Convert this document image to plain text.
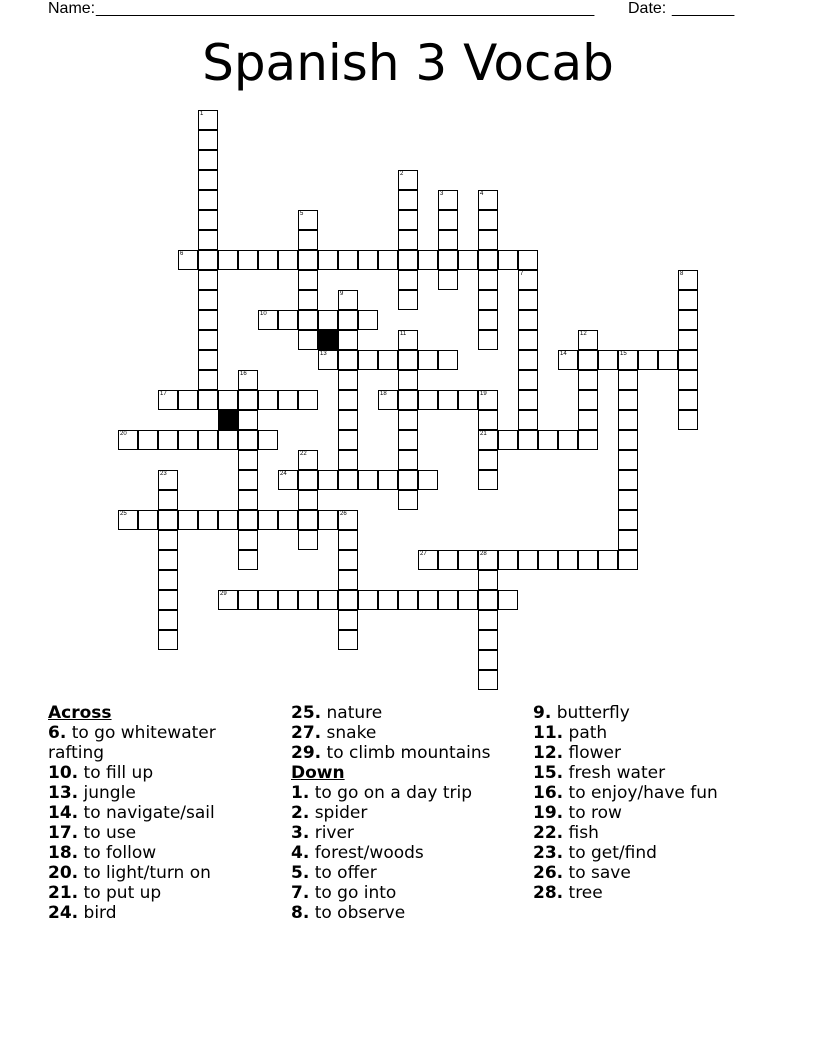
Name: ________________________________________________________ Date: _______
Spanish 3 Vocab
1
2
3	4
5
6
7	8
9
10
11	12
13	14	15
16
17	18	19
20	21
22
23	24
25	26
27	28
29
Across
6. to go whitewater rafting
10. to fill up
13. jungle
14. to navigate/sail
17. to use
18. to follow
20. to light/turn on
21. to put up
24. bird
25. nature
27. snake
29. to climb mountains
Down
1. to go on a day trip
2. spider
3. river
4. forest/woods
5. to offer
7. to go into
8. to observe
9. butterfly
11. path
12. flower
15. fresh water
16. to enjoy/have fun
19. to row
22. fish
23. to get/find
26. to save
28. tree
